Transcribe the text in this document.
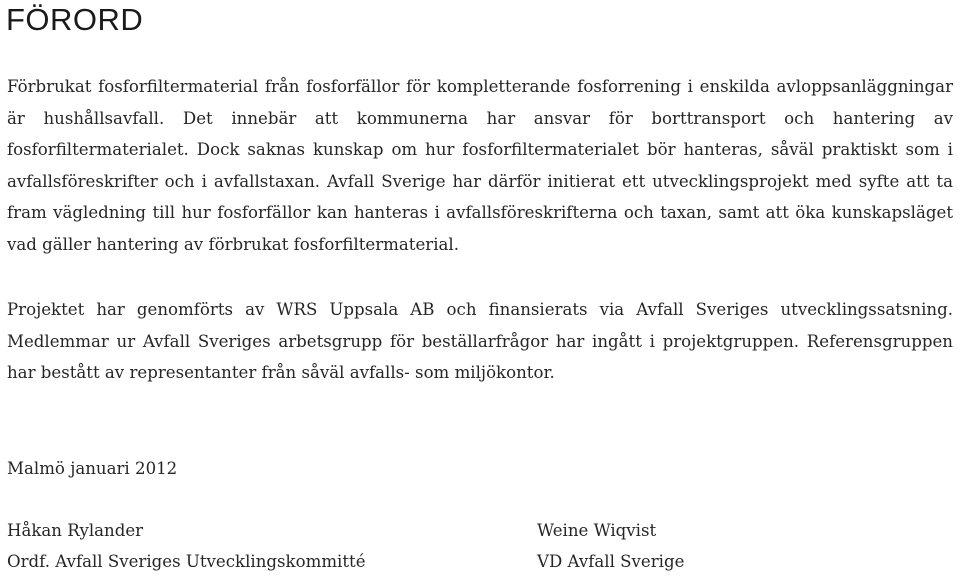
FÖRORD

Förbrukat fosforfiltermaterial från fosforfällor för kompletterande fosforrening i enskilda avloppsanläggningar är hushållsavfall. Det innebär att kommunerna har ansvar för borttransport och hantering av fosforfiltermaterialet. Dock saknas kunskap om hur fosforfiltermaterialet bör hanteras, såväl praktiskt som i avfallsföreskrifter och i avfallstaxan. Avfall Sverige har därför initierat ett utvecklingsprojekt med syfte att ta fram vägledning till hur fosforfällor kan hanteras i avfallsföreskrifterna och taxan, samt att öka kunskapsläget vad gäller hantering av förbrukat fosforfiltermaterial.

Projektet har genomförts av WRS Uppsala AB och finansierats via Avfall Sveriges utvecklingssatsning. Medlemmar ur Avfall Sveriges arbetsgrupp för beställarfrågor har ingått i projektgruppen. Referensgruppen har bestått av representanter från såväl avfalls- som miljökontor.

Malmö januari 2012

Håkan Rylander
Ordf. Avfall Sveriges Utvecklingskommitté
Weine Wiqvist
VD Avfall Sverige
